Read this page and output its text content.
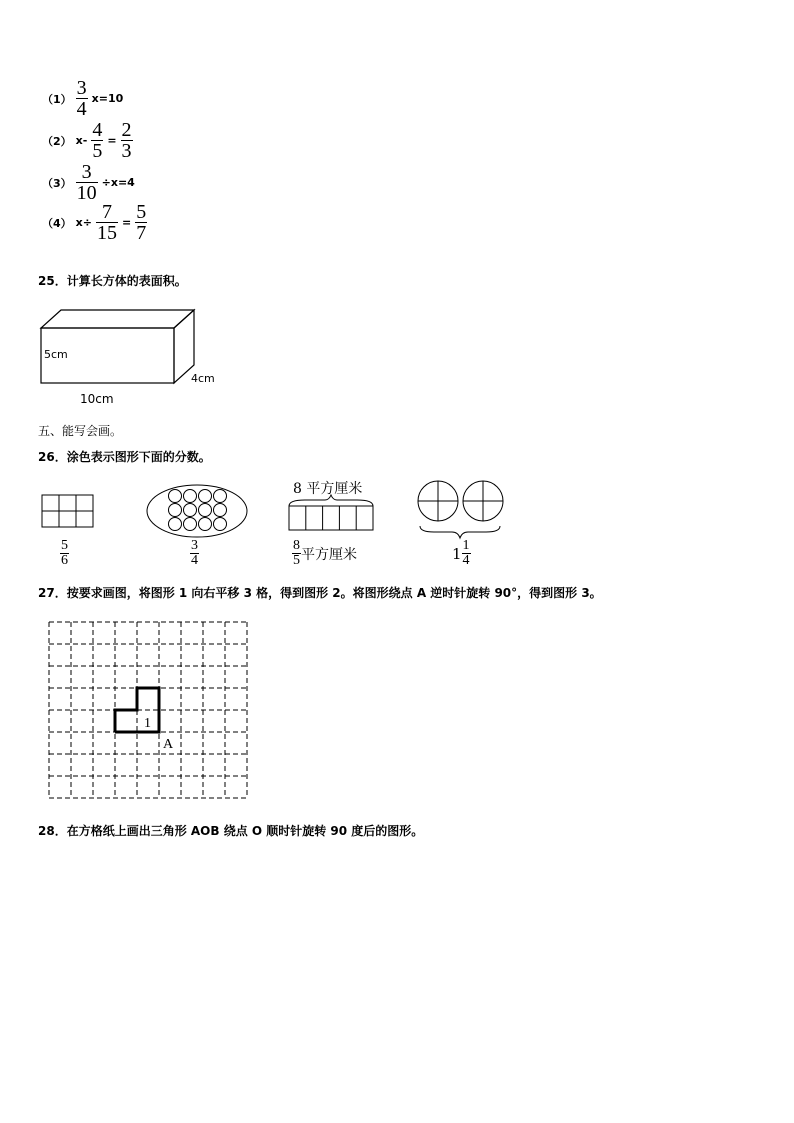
$(1) \frac{3}{4} x=10$
（2） $x- \frac{4}{5} = \frac{2}{3}$
$(3) \frac{3}{10} \div x=4$
（4） $x\div \frac{7}{15} = \frac{5}{7}$
25．计算长方体的表面积。
5cm
10cm
4cm
五、能写会画。
26．涂色表示图形下面的分数。
$\frac{5}{6}$	$\frac{3}{4}$
8 平方厘米
$\frac{8}{5}$ 平方厘米	$1 \frac{1}{4}$
27．按要求画图，将图形 1 向右平移 3 格，得到图形 2。将图形绕点 A 逆时针旋转 90°，得到图形 3。
1
A
28．在方格纸上画出三角形 AOB 绕点 O 顺时针旋转 90 度后的图形。
